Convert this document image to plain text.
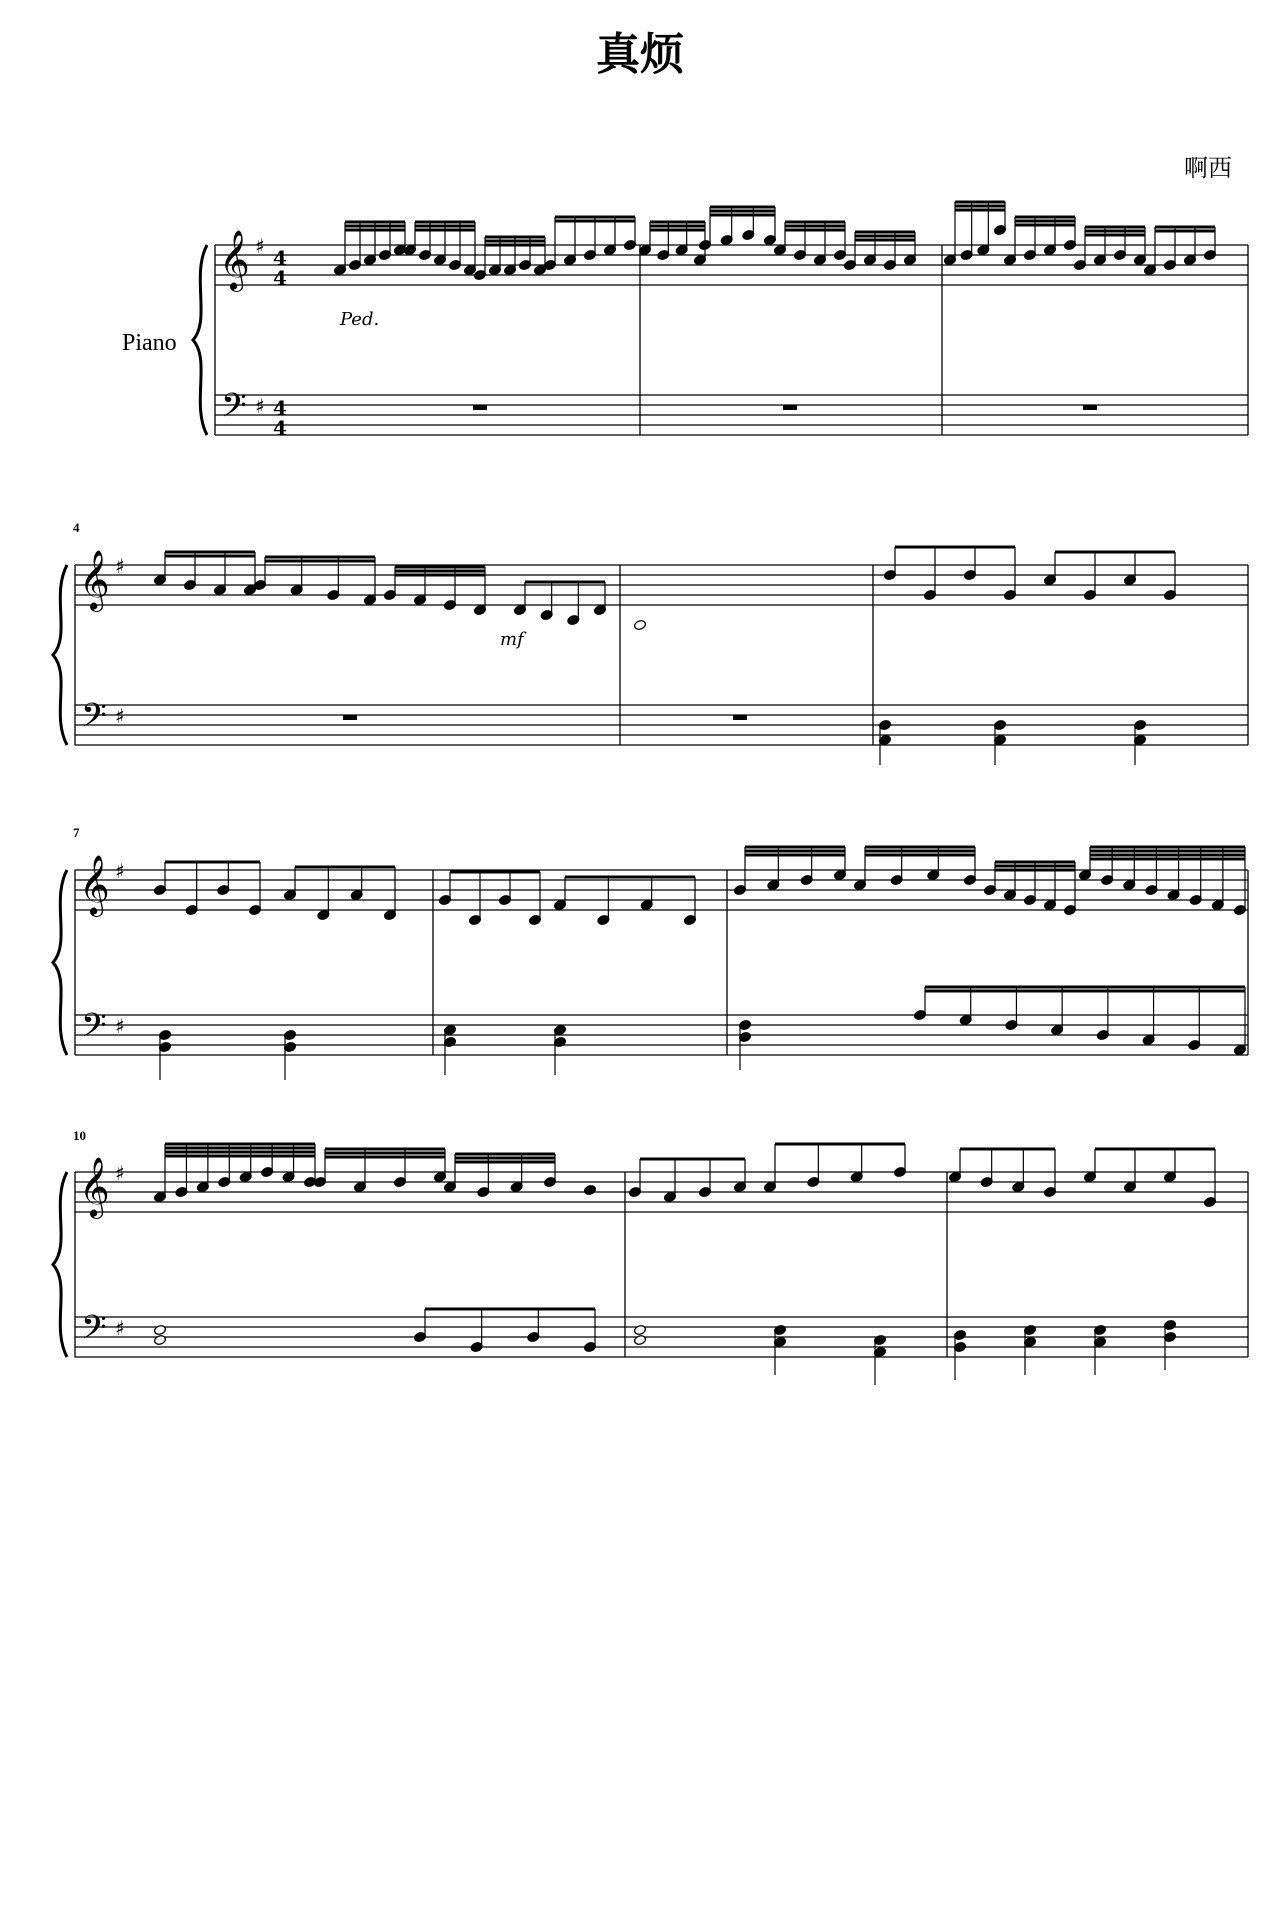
真烦
啊西
Piano
4
7
10
𝄞
𝄢
♯
♯
4
4
4
4
𝄞
𝄢
♯
♯
𝄞
𝄢
♯
♯
𝄞
𝄢
♯
♯
Ped.
mf
